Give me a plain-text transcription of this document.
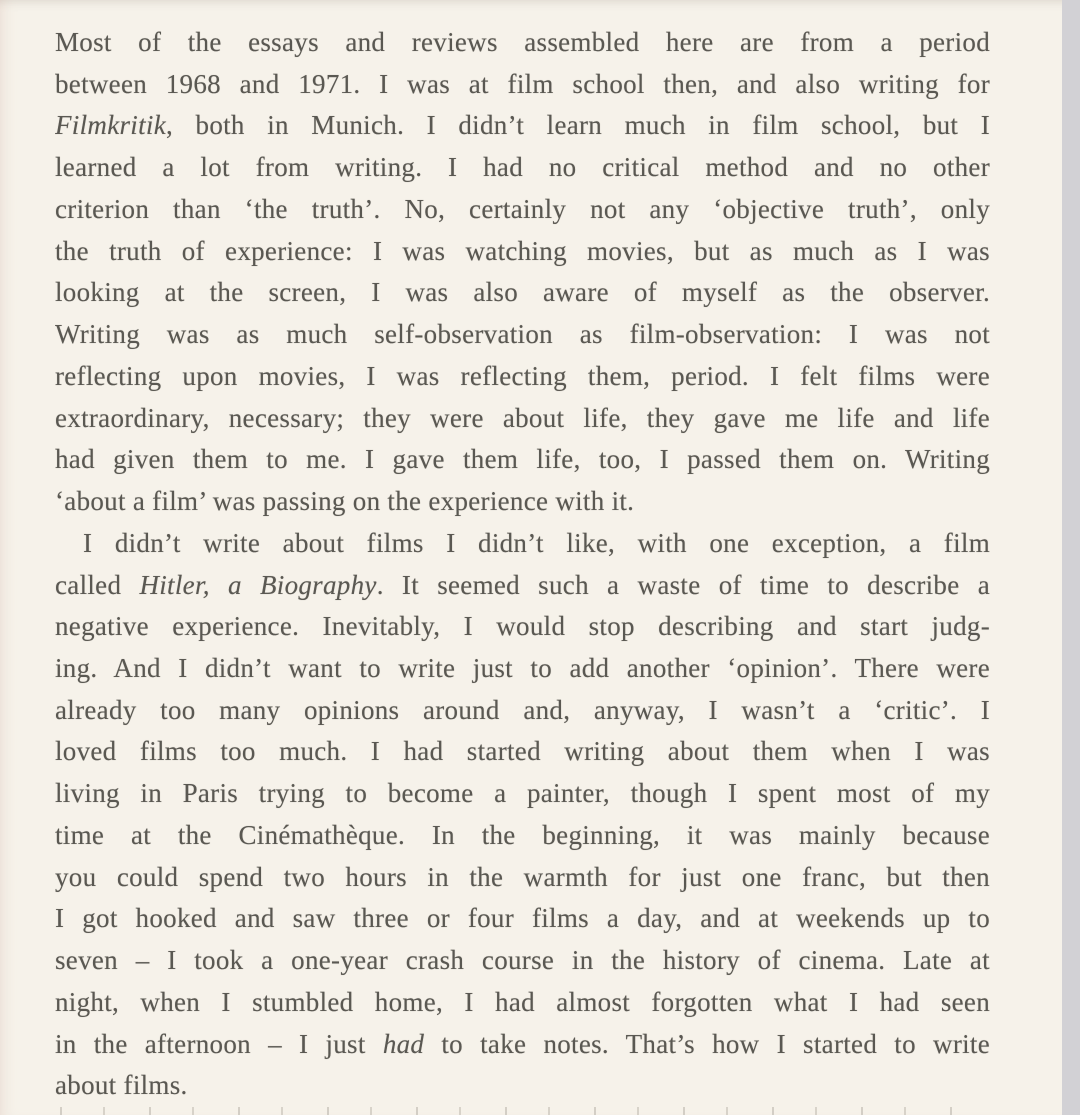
Most of the essays and reviews assembled here are from a period
between 1968 and 1971. I was at film school then, and also writing for
Filmkritik, both in Munich. I didn’t learn much in film school, but I
learned a lot from writing. I had no critical method and no other
criterion than ‘the truth’. No, certainly not any ‘objective truth’, only
the truth of experience: I was watching movies, but as much as I was
looking at the screen, I was also aware of myself as the observer.
Writing was as much self-observation as film-observation: I was not
reflecting upon movies, I was reflecting them, period. I felt films were
extraordinary, necessary; they were about life, they gave me life and life
had given them to me. I gave them life, too, I passed them on. Writing
‘about a film’ was passing on the experience with it.
I didn’t write about films I didn’t like, with one exception, a film
called Hitler, a Biography. It seemed such a waste of time to describe a
negative experience. Inevitably, I would stop describing and start judg-
ing. And I didn’t want to write just to add another ‘opinion’. There were
already too many opinions around and, anyway, I wasn’t a ‘critic’. I
loved films too much. I had started writing about them when I was
living in Paris trying to become a painter, though I spent most of my
time at the Cinémathèque. In the beginning, it was mainly because
you could spend two hours in the warmth for just one franc, but then
I got hooked and saw three or four films a day, and at weekends up to
seven – I took a one-year crash course in the history of cinema. Late at
night, when I stumbled home, I had almost forgotten what I had seen
in the afternoon – I just had to take notes. That’s how I started to write
about films.
